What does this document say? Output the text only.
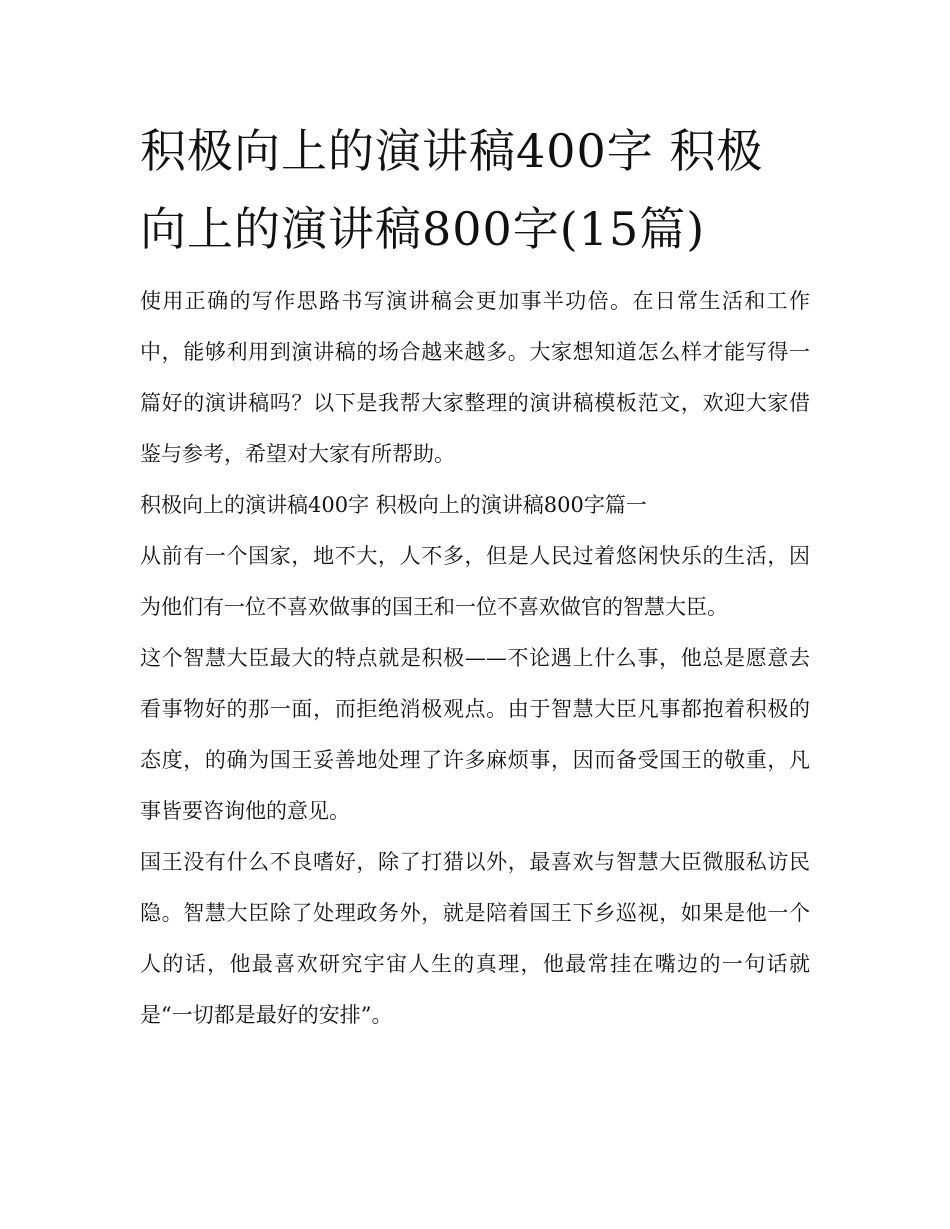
积极向上的演讲稿400字 积极向上的演讲稿800字(15篇)

使用正确的写作思路书写演讲稿会更加事半功倍。在日常生活和工作中，能够利用到演讲稿的场合越来越多。大家想知道怎么样才能写得一篇好的演讲稿吗？以下是我帮大家整理的演讲稿模板范文，欢迎大家借鉴与参考，希望对大家有所帮助。

积极向上的演讲稿400字 积极向上的演讲稿800字篇一

从前有一个国家，地不大，人不多，但是人民过着悠闲快乐的生活，因为他们有一位不喜欢做事的国王和一位不喜欢做官的智慧大臣。

这个智慧大臣最大的特点就是积极——不论遇上什么事，他总是愿意去看事物好的那一面，而拒绝消极观点。由于智慧大臣凡事都抱着积极的态度，的确为国王妥善地处理了许多麻烦事，因而备受国王的敬重，凡事皆要咨询他的意见。

国王没有什么不良嗜好，除了打猎以外，最喜欢与智慧大臣微服私访民隐。智慧大臣除了处理政务外，就是陪着国王下乡巡视，如果是他一个人的话，他最喜欢研究宇宙人生的真理，他最常挂在嘴边的一句话就是“一切都是最好的安排”。
